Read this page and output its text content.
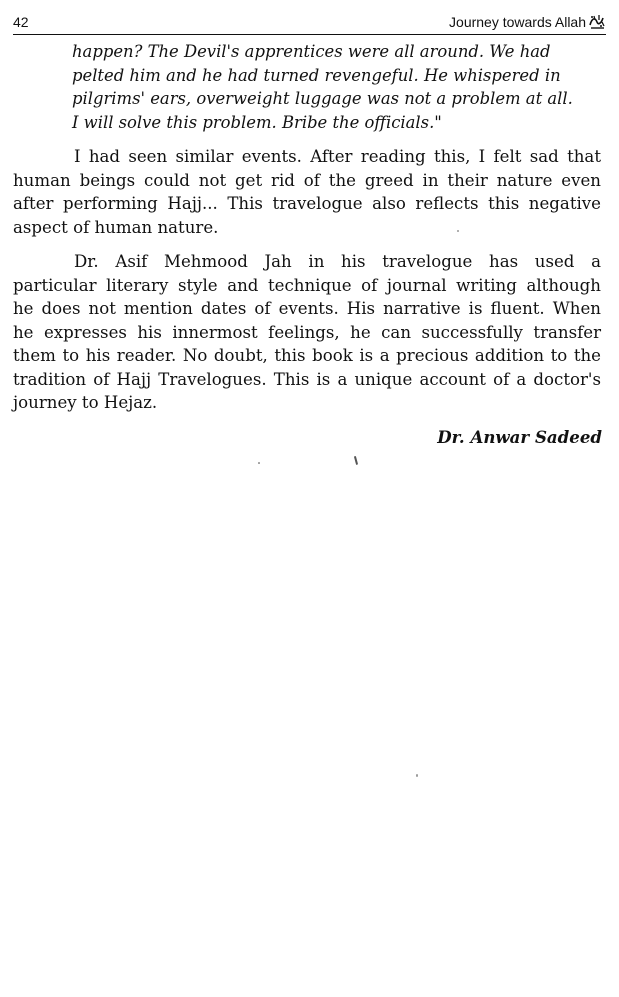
42	Journey towards Allah
happen? The Devil's apprentices were all around. We had
pelted him and he had turned revengeful. He whispered in
pilgrims' ears, overweight luggage was not a problem at all.
I will solve this problem. Bribe the officials."
I had seen similar events. After reading this, I felt sad that
human beings could not get rid of the greed in their nature even
after performing Hajj... This travelogue also reflects this negative
aspect of human nature.
Dr. Asif Mehmood Jah in his travelogue has used a
particular literary style and technique of journal writing although
he does not mention dates of events. His narrative is fluent. When
he expresses his innermost feelings, he can successfully transfer
them to his reader. No doubt, this book is a precious addition to the
tradition of Hajj Travelogues. This is a unique account of a doctor's
journey to Hejaz.
Dr. Anwar Sadeed
